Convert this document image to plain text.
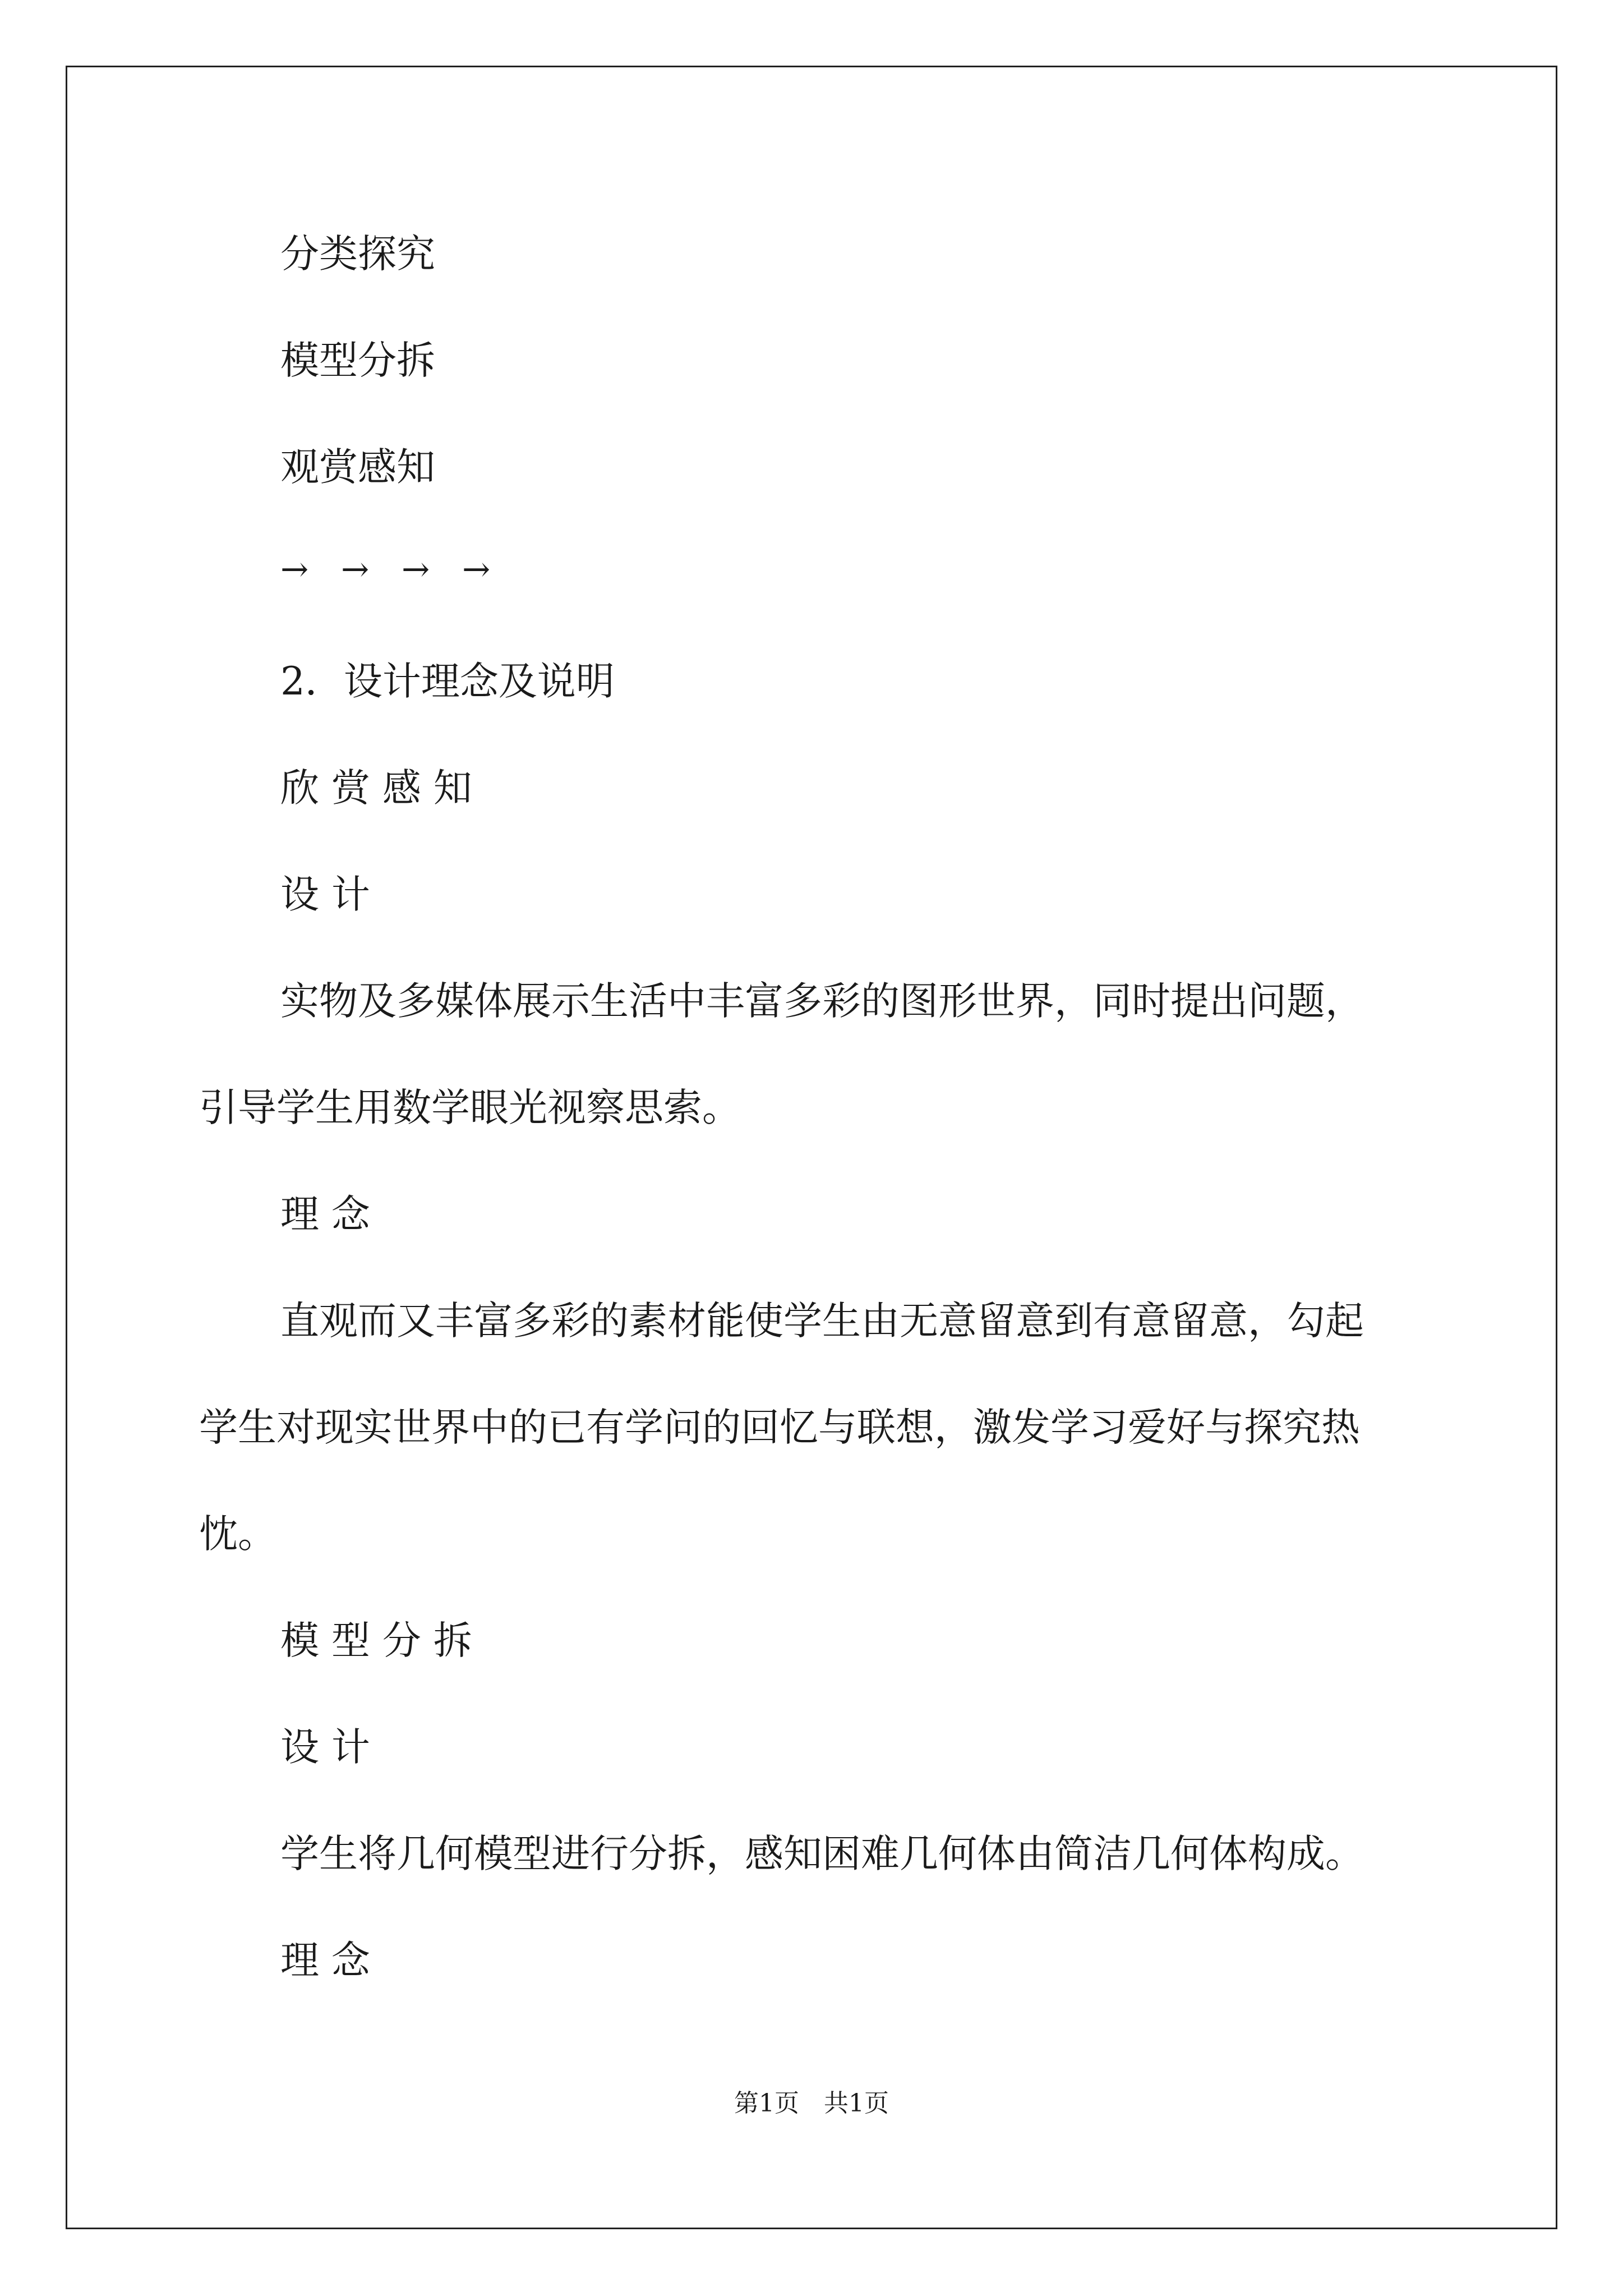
分类探究
模型分拆
观赏感知
→ → → →
2．设计理念及说明
欣 赏 感 知
设 计
实物及多媒体展示生活中丰富多彩的图形世界，同时提出问题，
引导学生用数学眼光视察思索。
理 念
直观而又丰富多彩的素材能使学生由无意留意到有意留意，勾起
学生对现实世界中的已有学问的回忆与联想，激发学习爱好与探究热
忱。
模 型 分 拆
设 计
学生将几何模型进行分拆，感知困难几何体由简洁几何体构成。
理 念
第1页　共1页
